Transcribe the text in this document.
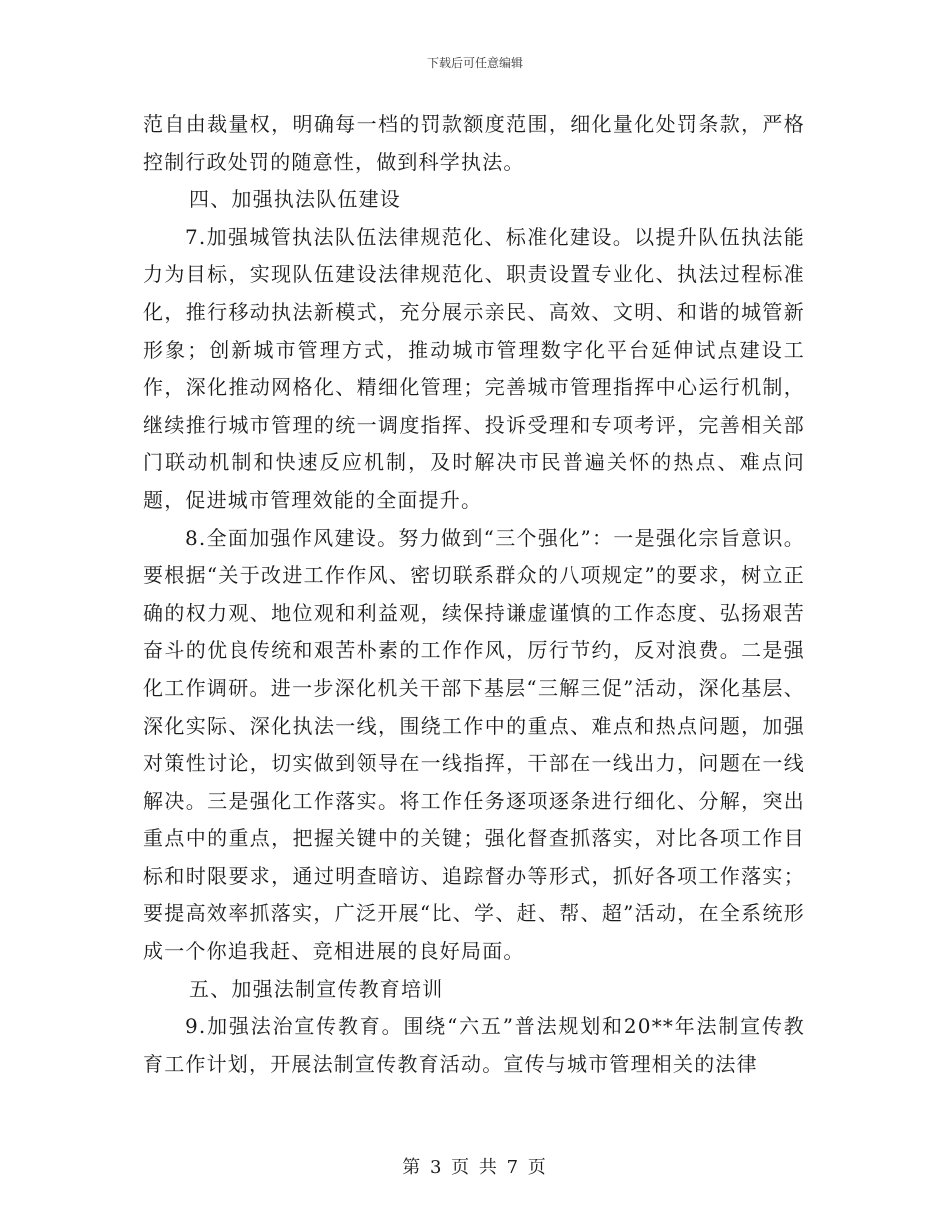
下载后可任意编辑

范自由裁量权，明确每一档的罚款额度范围，细化量化处罚条款，严格控制行政处罚的随意性，做到科学执法。

四、加强执法队伍建设

7.加强城管执法队伍法律规范化、标准化建设。以提升队伍执法能力为目标，实现队伍建设法律规范化、职责设置专业化、执法过程标准化，推行移动执法新模式，充分展示亲民、高效、文明、和谐的城管新形象；创新城市管理方式，推动城市管理数字化平台延伸试点建设工作，深化推动网格化、精细化管理；完善城市管理指挥中心运行机制，继续推行城市管理的统一调度指挥、投诉受理和专项考评，完善相关部门联动机制和快速反应机制，及时解决市民普遍关怀的热点、难点问题，促进城市管理效能的全面提升。

8.全面加强作风建设。努力做到“三个强化”：一是强化宗旨意识。要根据“关于改进工作作风、密切联系群众的八项规定”的要求，树立正确的权力观、地位观和利益观，续保持谦虚谨慎的工作态度、弘扬艰苦奋斗的优良传统和艰苦朴素的工作作风，厉行节约，反对浪费。二是强化工作调研。进一步深化机关干部下基层“三解三促”活动，深化基层、深化实际、深化执法一线，围绕工作中的重点、难点和热点问题，加强对策性讨论，切实做到领导在一线指挥，干部在一线出力，问题在一线解决。三是强化工作落实。将工作任务逐项逐条进行细化、分解，突出重点中的重点，把握关键中的关键；强化督查抓落实，对比各项工作目标和时限要求，通过明查暗访、追踪督办等形式，抓好各项工作落实；要提高效率抓落实，广泛开展“比、学、赶、帮、超”活动，在全系统形成一个你追我赶、竞相进展的良好局面。

五、加强法制宣传教育培训

9.加强法治宣传教育。围绕“六五”普法规划和20**年法制宣传教育工作计划，开展法制宣传教育活动。宣传与城市管理相关的法律

第 3 页 共 7 页
